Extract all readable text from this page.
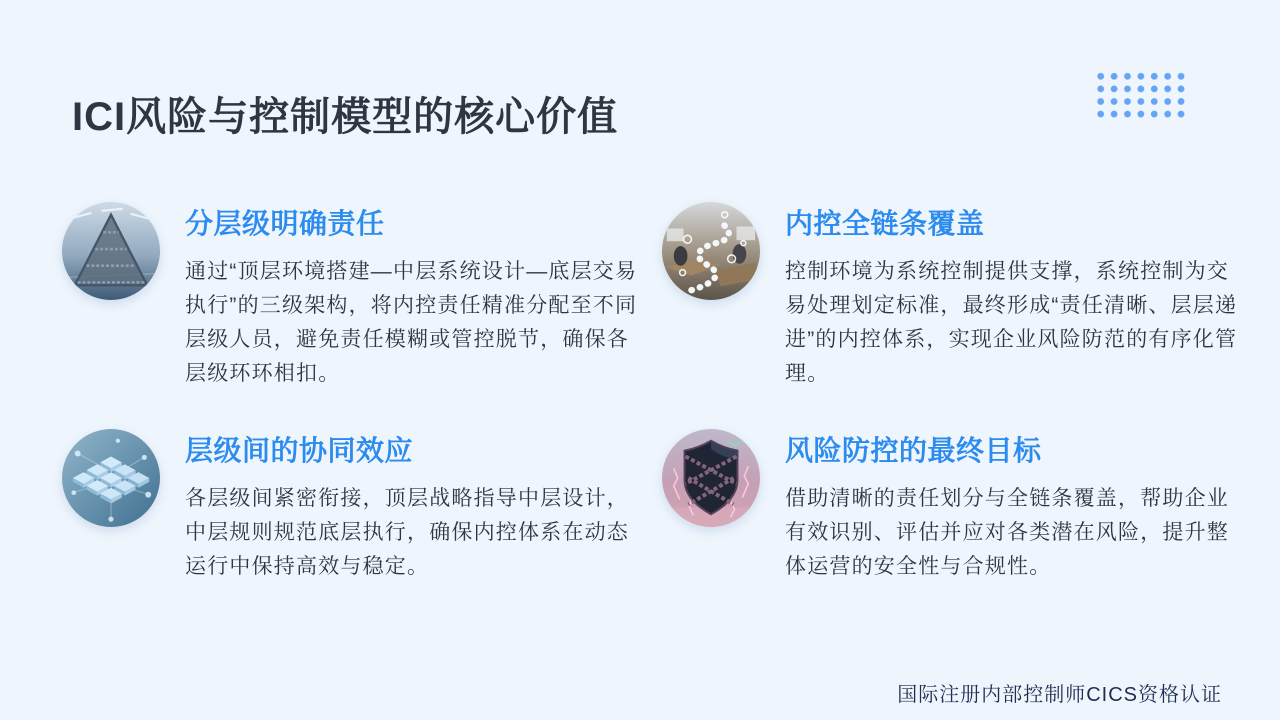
ICI风险与控制模型的核心价值
分层级明确责任
通过“顶层环境搭建—中层系统设计—底层交易执行”的三级架构，将内控责任精准分配至不同层级人员，避免责任模糊或管控脱节，确保各层级环环相扣。
内控全链条覆盖
控制环境为系统控制提供支撑，系统控制为交易处理划定标准，最终形成“责任清晰、层层递进”的内控体系，实现企业风险防范的有序化管理。
层级间的协同效应
各层级间紧密衔接，顶层战略指导中层设计，中层规则规范底层执行，确保内控体系在动态运行中保持高效与稳定。
风险防控的最终目标
借助清晰的责任划分与全链条覆盖，帮助企业有效识别、评估并应对各类潜在风险，提升整体运营的安全性与合规性。
国际注册内部控制师CICS资格认证
